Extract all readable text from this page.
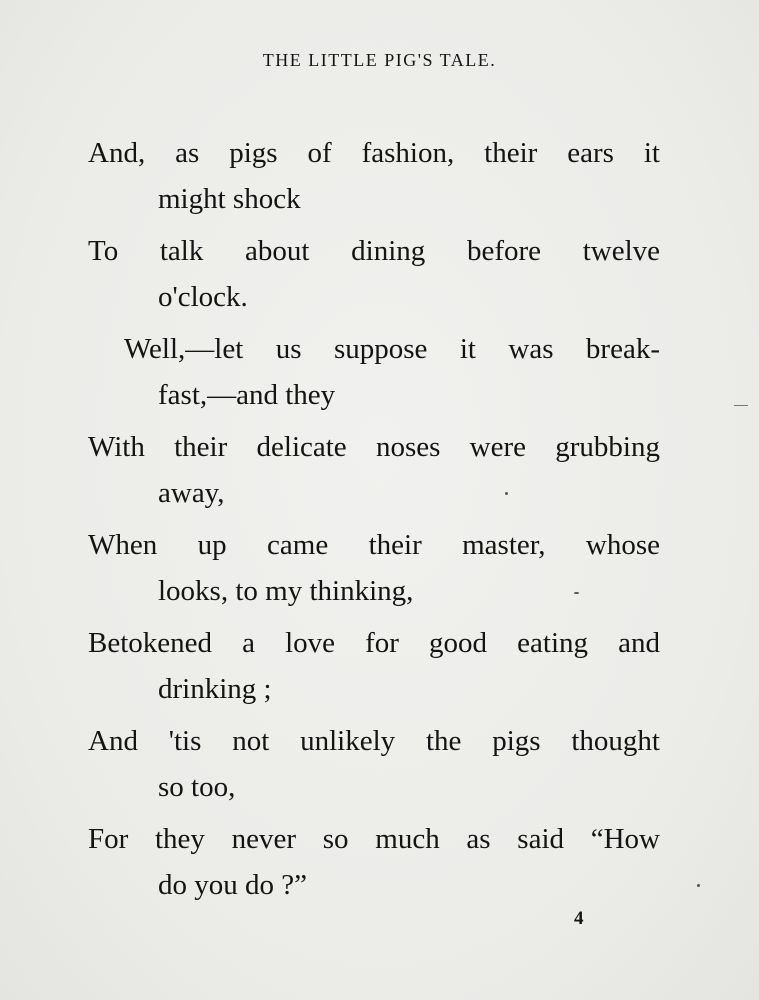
THE LITTLE PIG'S TALE.
And, as pigs of fashion, their ears it
might shock
To talk about dining before twelve
o'clock.
Well,—let us suppose it was break-
fast,—and they
With their delicate noses were grubbing
away,
When up came their master, whose
looks, to my thinking,
Betokened a love for good eating and
drinking ;
And 'tis not unlikely the pigs thought
so too,
For they never so much as said “How
do you do ?”
4
